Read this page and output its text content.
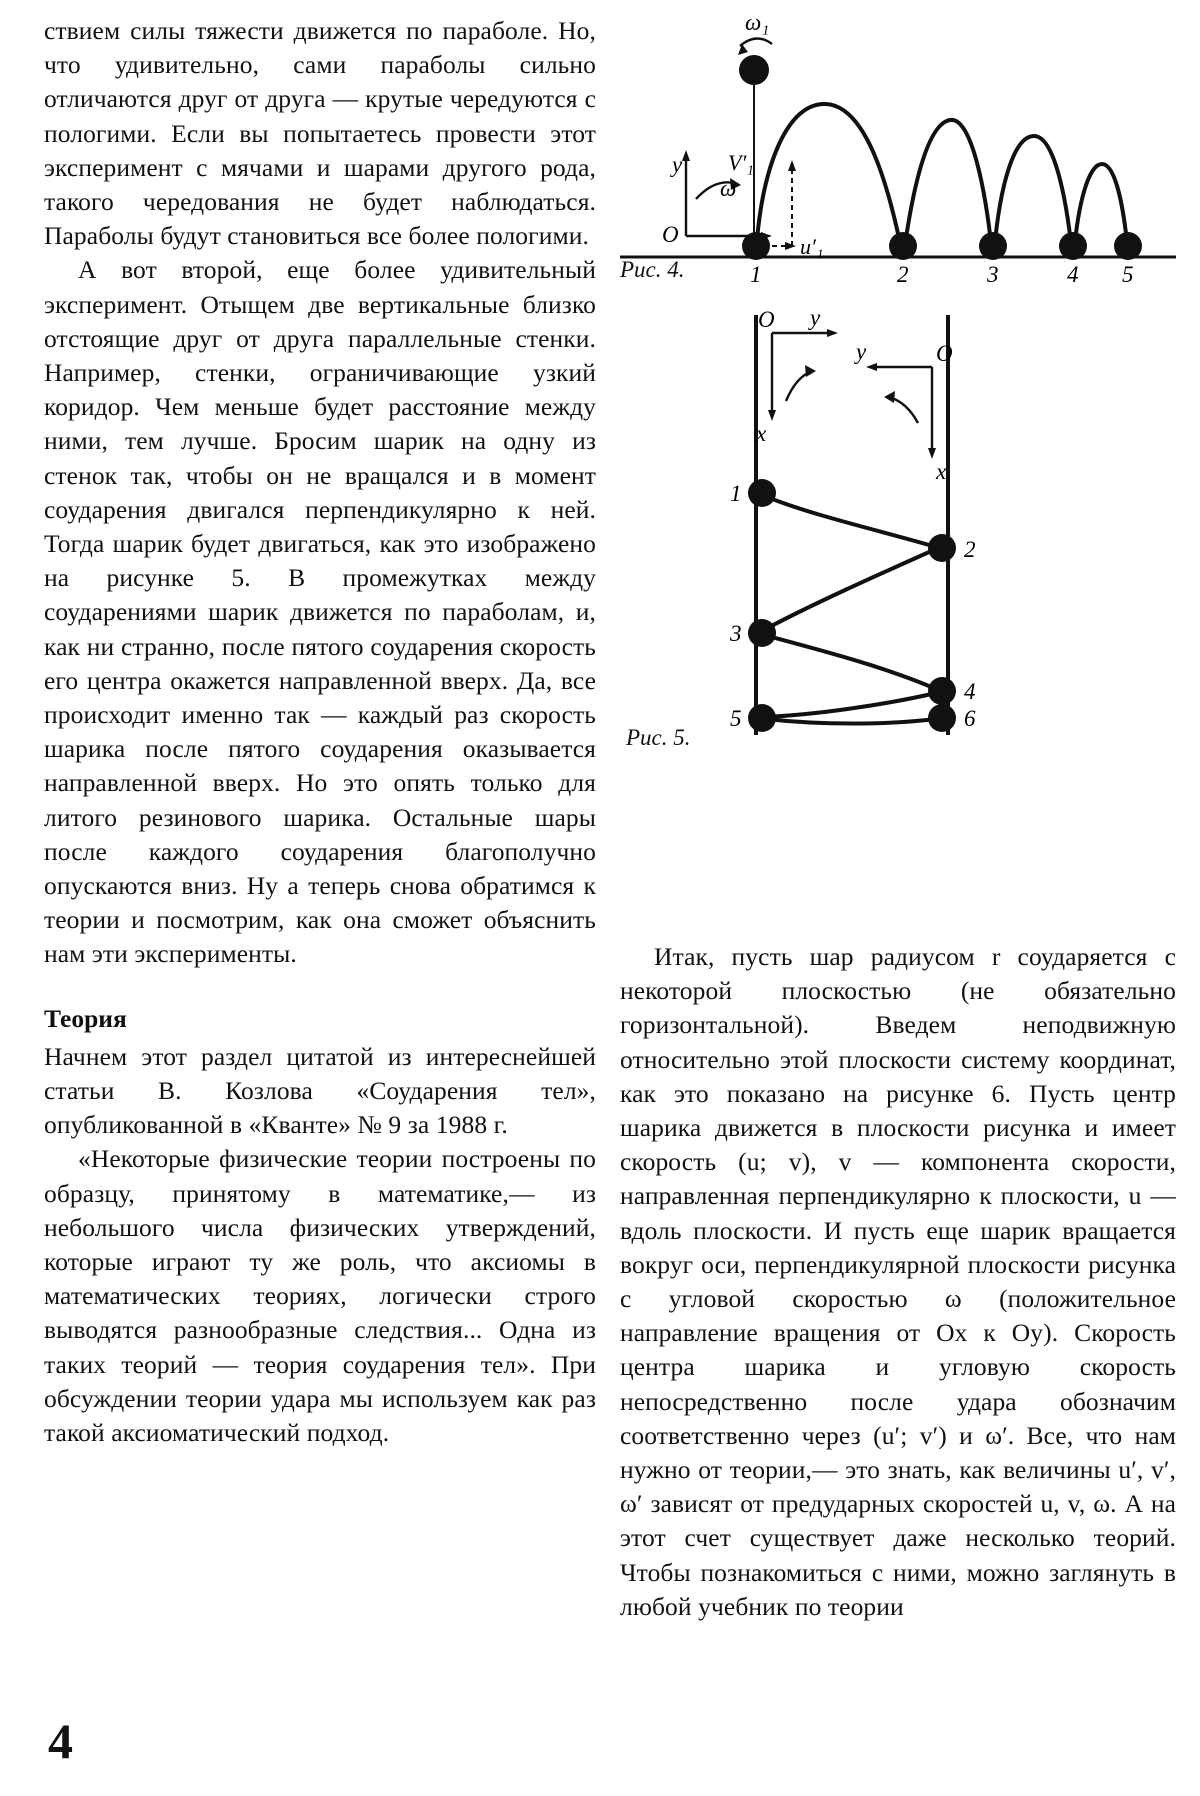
ствием силы тяжести движется по параболе. Но, что удивительно, сами параболы сильно отличаются друг от друга — крутые чередуются с пологими. Если вы попытаетесь провести этот эксперимент с мячами и шарами другого рода, такого чередования не будет наблюдаться. Параболы будут становиться все более пологими.

А вот второй, еще более удивительный эксперимент. Отыщем две вертикальные близко отстоящие друг от друга параллельные стенки. Например, стенки, ограничивающие узкий коридор. Чем меньше будет расстояние между ними, тем лучше. Бросим шарик на одну из стенок так, чтобы он не вращался и в момент соударения двигался перпендикулярно к ней. Тогда шарик будет двигаться, как это изображено на рисунке 5. В промежутках между соударениями шарик движется по параболам, и, как ни странно, после пятого соударения скорость его центра окажется направленной вверх. Да, все происходит именно так — каждый раз скорость шарика после пятого соударения оказывается направленной вверх. Но это опять только для литого резинового шарика. Остальные шары после каждого соударения благополучно опускаются вниз. Ну а теперь снова обратимся к теории и посмотрим, как она сможет объяснить нам эти эксперименты.

Теория

Начнем этот раздел цитатой из интереснейшей статьи В. Козлова «Соударения тел», опубликованной в «Кванте» № 9 за 1988 г.

«Некоторые физические теории построены по образцу, принятому в математике,— из небольшого числа физических утверждений, которые играют ту же роль, что аксиомы в математических теориях, логически строго выводятся разнообразные следствия... Одна из таких теорий — теория соударения тел». При обсуждении теории удара мы используем как раз такой аксиоматический подход.

y
O
ω
ω₁
V′₁
u′₁
1	2	3	4 5
Рис. 4.
O y
x
O
y
x
1
2
3
4
5	6
Рис. 5.

Итак, пусть шар радиусом r соударяется с некоторой плоскостью (не обязательно горизонтальной). Введем неподвижную относительно этой плоскости систему координат, как это показано на рисунке 6. Пусть центр шарика движется в плоскости рисунка и имеет скорость (u; v), v — компонента скорости, направленная перпендикулярно к плоскости, u — вдоль плоскости. И пусть еще шарик вращается вокруг оси, перпендикулярной плоскости рисунка с угловой скоростью ω (положительное направление вращения от Ox к Oy). Скорость центра шарика и угловую скорость непосредственно после удара обозначим соответственно через (u′; v′) и ω′. Все, что нам нужно от теории,— это знать, как величины u′, v′, ω′ зависят от предударных скоростей u, v, ω. А на этот счет существует даже несколько теорий. Чтобы познакомиться с ними, можно заглянуть в любой учебник по теории

4
